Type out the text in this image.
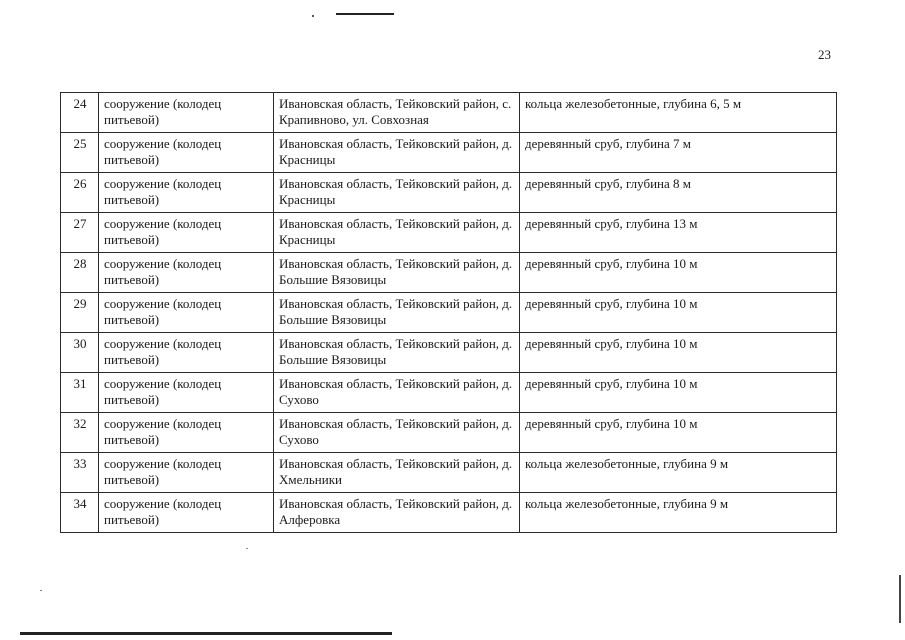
23
24	сооружение (колодец питьевой)	Ивановская область, Тейковский район, с. Крапивново, ул. Совхозная	кольца железобетонные, глубина 6, 5 м
25	сооружение (колодец питьевой)	Ивановская область, Тейковский район, д. Красницы	деревянный сруб, глубина 7 м
26	сооружение (колодец питьевой)	Ивановская область, Тейковский район, д. Красницы	деревянный сруб, глубина 8 м
27	сооружение (колодец питьевой)	Ивановская область, Тейковский район, д. Красницы	деревянный сруб, глубина 13 м
28	сооружение (колодец питьевой)	Ивановская область, Тейковский район, д. Большие Вязовицы	деревянный сруб, глубина 10 м
29	сооружение (колодец питьевой)	Ивановская область, Тейковский район, д. Большие Вязовицы	деревянный сруб, глубина 10 м
30	сооружение (колодец питьевой)	Ивановская область, Тейковский район, д. Большие Вязовицы	деревянный сруб, глубина 10 м
31	сооружение (колодец питьевой)	Ивановская область, Тейковский район, д. Сухово	деревянный сруб, глубина 10 м
32	сооружение (колодец питьевой)	Ивановская область, Тейковский район, д. Сухово	деревянный сруб, глубина 10 м
33	сооружение (колодец питьевой)	Ивановская область, Тейковский район, д. Хмельники	кольца железобетонные, глубина 9 м
34	сооружение (колодец питьевой)	Ивановская область, Тейковский район, д. Алферовка	кольца железобетонные, глубина 9 м
